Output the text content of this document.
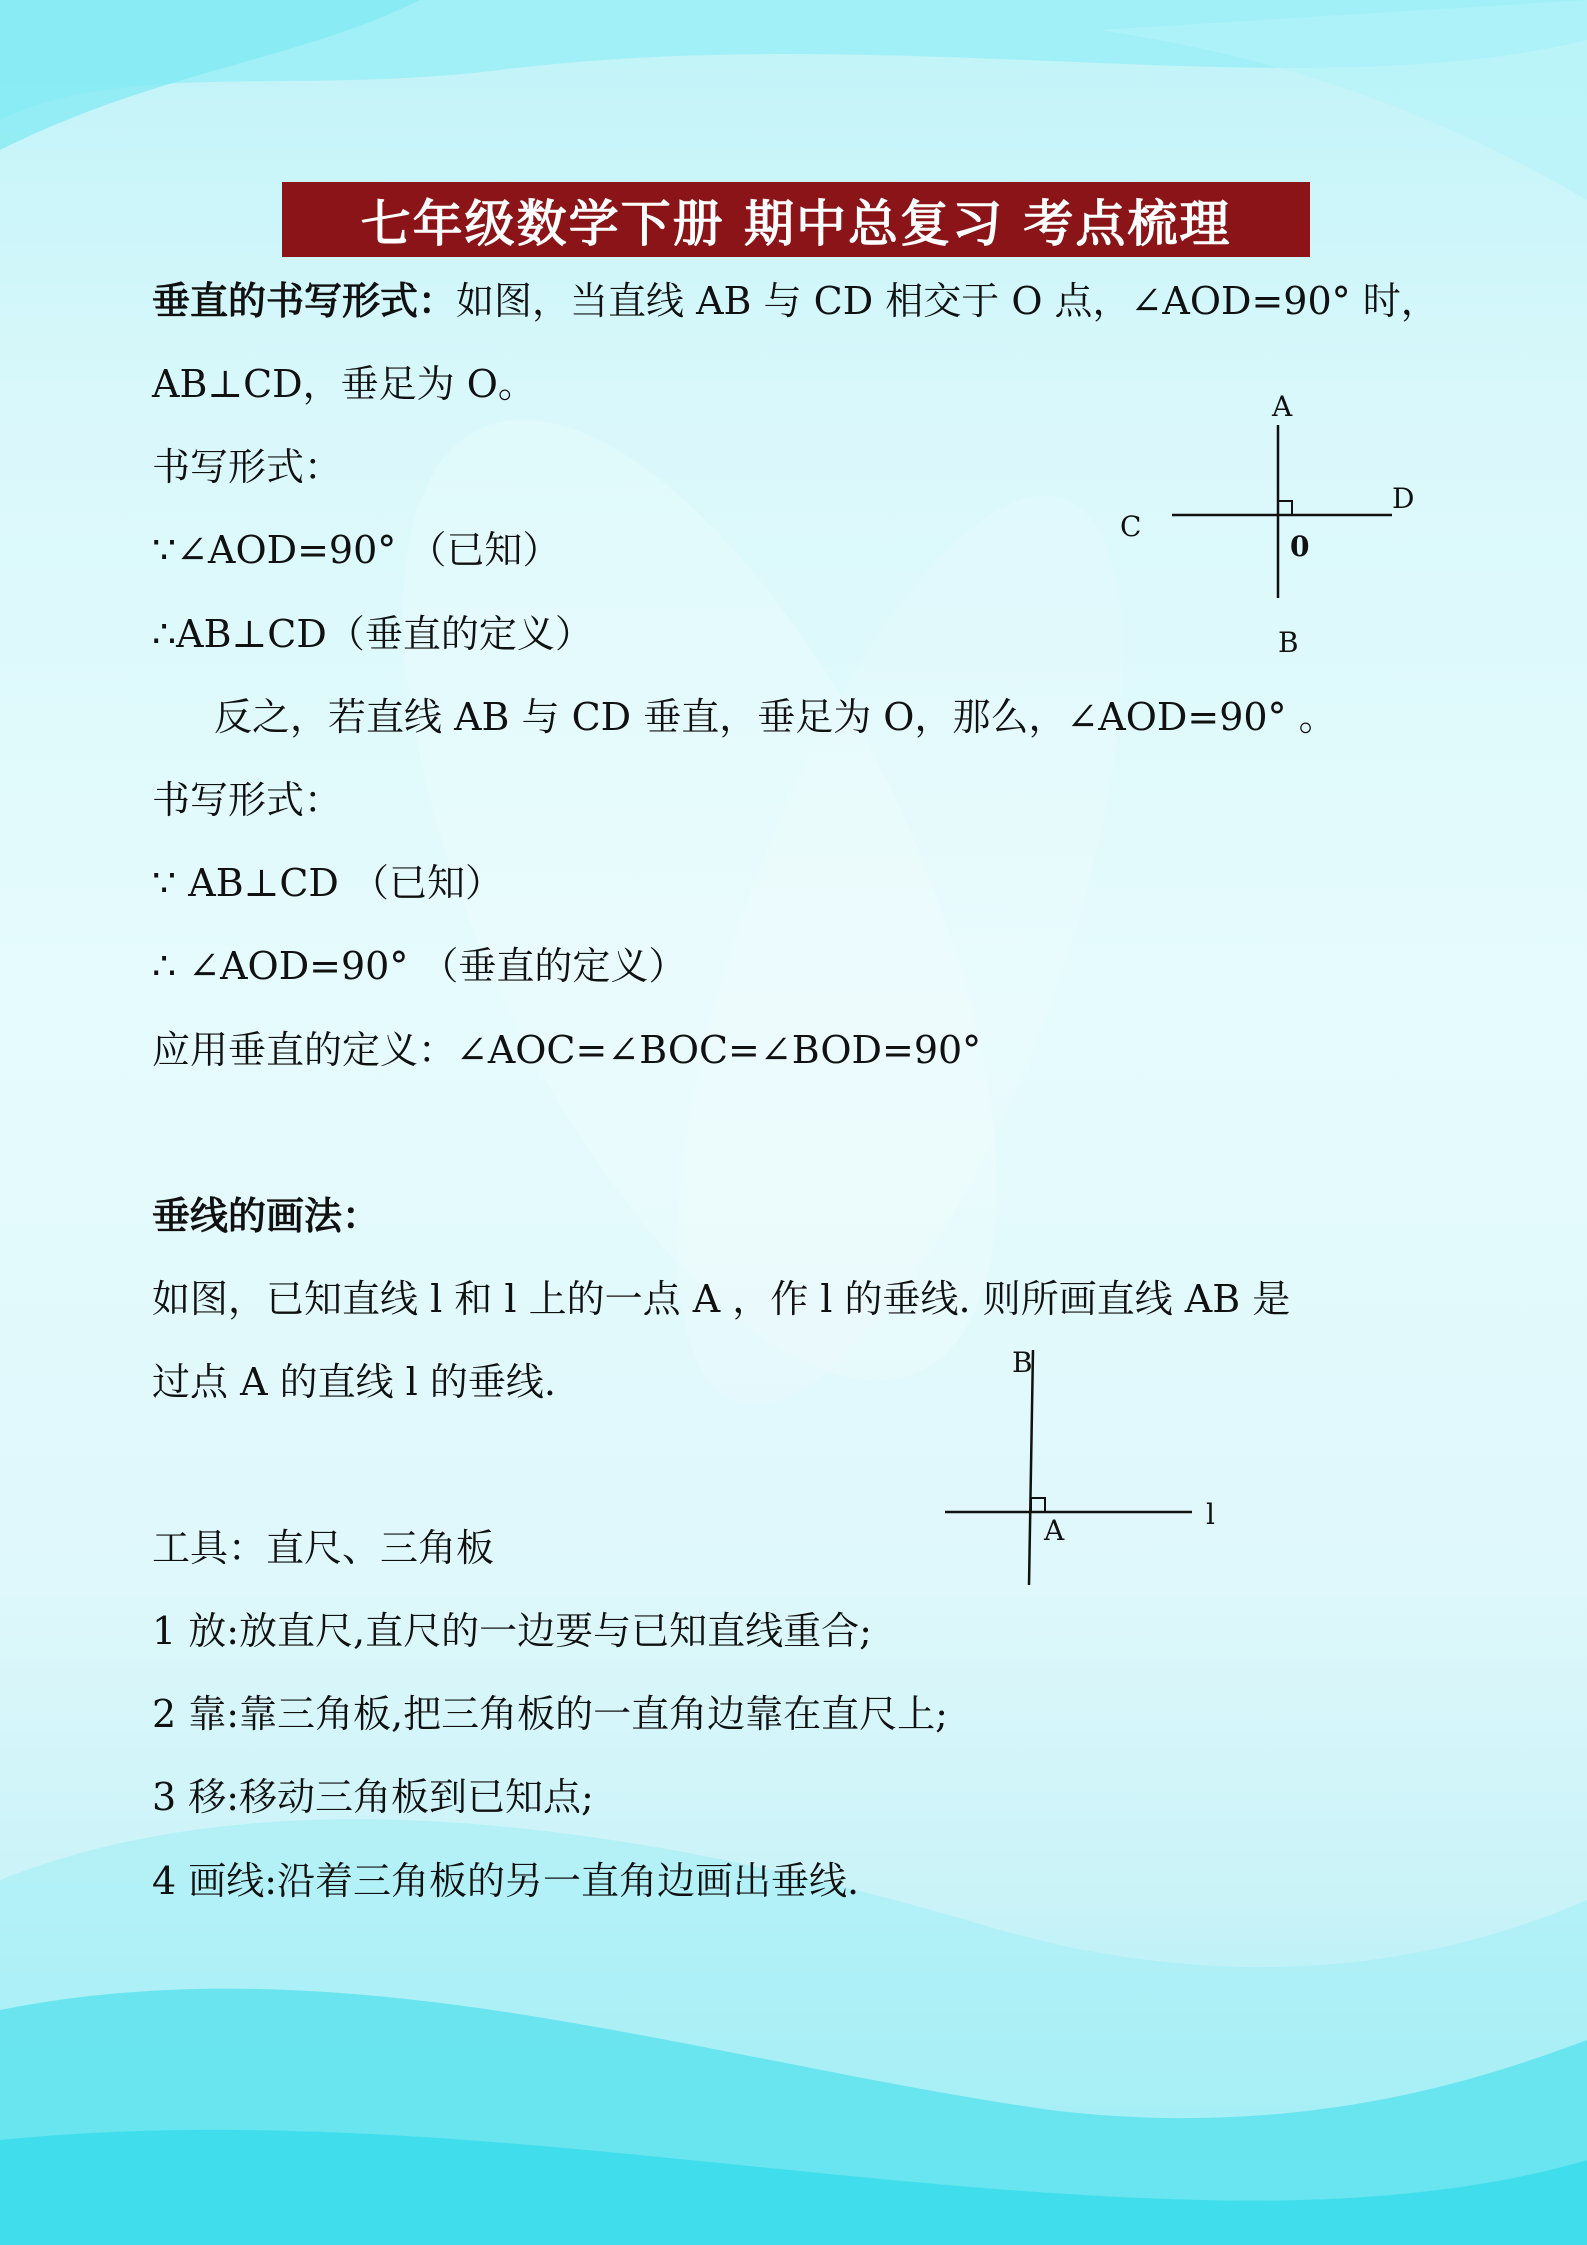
七年级数学下册 期中总复习 考点梳理
垂直的书写形式：如图，当直线 AB 与 CD 相交于 O 点，∠AOD=90° 时，
AB⊥CD，垂足为 O。
书写形式：
∵∠AOD=90° （已知）
∴AB⊥CD（垂直的定义）
反之，若直线 AB 与 CD 垂直，垂足为 O，那么，∠AOD=90° 。
书写形式：
∵ AB⊥CD （已知）
∴ ∠AOD=90° （垂直的定义）
应用垂直的定义：∠AOC=∠BOC=∠BOD=90°
A
B
C
D
0
垂线的画法：
如图，已知直线 l 和 l 上的一点 A ，作 l 的垂线. 则所画直线 AB 是
过点 A 的直线 l 的垂线.
工具：直尺、三角板
1 放:放直尺,直尺的一边要与已知直线重合;
2 靠:靠三角板,把三角板的一直角边靠在直尺上;
3 移:移动三角板到已知点;
4 画线:沿着三角板的另一直角边画出垂线.
B
A	l
